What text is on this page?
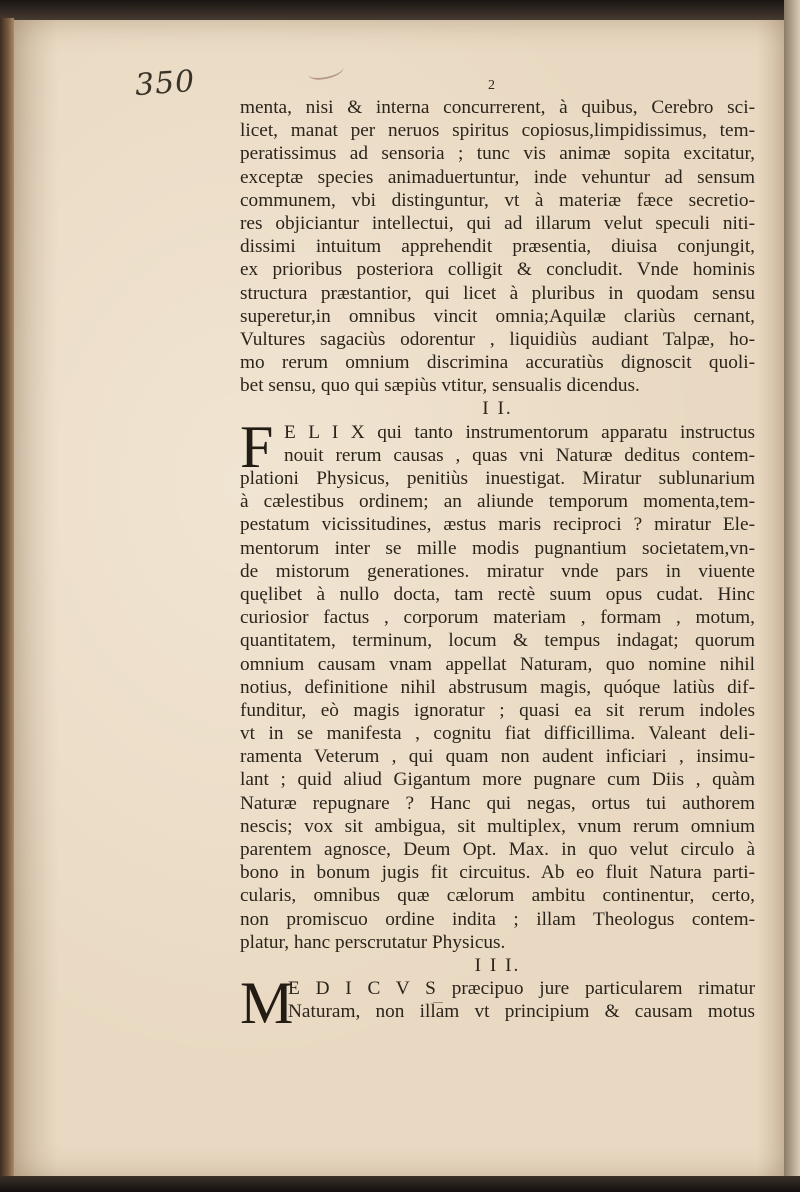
350	2
menta, nisi & interna concurrerent, à quibus, Cerebro sci-
licet, manat per neruos spiritus copiosus,limpidissimus, tem-
peratissimus ad sensoria ; tunc vis animæ sopita excitatur,
exceptæ species animaduertuntur, inde vehuntur ad sensum
communem, vbi distinguntur, vt à materiæ fæce secretio-
res objiciantur intellectui, qui ad illarum velut speculi niti-
dissimi intuitum apprehendit præsentia, diuisa conjungit,
ex prioribus posteriora colligit & concludit. Vnde hominis
structura præstantior, qui licet à pluribus in quodam sensu
superetur,in omnibus vincit omnia;Aquilæ clariùs cernant,
Vultures sagaciùs odorentur , liquidiùs audiant Talpæ, ho-
mo rerum omnium discrimina accuratiùs dignoscit quoli-
bet sensu, quo qui sæpiùs vtitur, sensualis dicendus.
I I.
F E L I X qui tanto instrumentorum apparatu instructus
nouit rerum causas , quas vni Naturæ deditus contem-
plationi Physicus, penitiùs inuestigat. Miratur sublunarium
à cælestibus ordinem; an aliunde temporum momenta,tem-
pestatum vicissitudines, æstus maris reciproci ? miratur Ele-
mentorum inter se mille modis pugnantium societatem,vn-
de mistorum generationes. miratur vnde pars in viuente
quęlibet à nullo docta, tam rectè suum opus cudat. Hinc
curiosior factus , corporum materiam , formam , motum,
quantitatem, terminum, locum & tempus indagat; quorum
omnium causam vnam appellat Naturam, quo nomine nihil
notius, definitione nihil abstrusum magis, quóque latiùs dif-
funditur, eò magis ignoratur ; quasi ea sit rerum indoles
vt in se manifesta , cognitu fiat difficillima. Valeant deli-
ramenta Veterum , qui quam non audent inficiari , insimu-
lant ; quid aliud Gigantum more pugnare cum Diis , quàm
Naturæ repugnare ? Hanc qui negas, ortus tui authorem
nescis; vox sit ambigua, sit multiplex, vnum rerum omnium
parentem agnosce, Deum Opt. Max. in quo velut circulo à
bono in bonum jugis fit circuitus. Ab eo fluit Natura parti-
cularis, omnibus quæ cælorum ambitu continentur, certo,
non promiscuo ordine indita ; illam Theologus contem-
platur, hanc perscrutatur Physicus.
I I I.
M
E D I C V S præcipuo jure particularem rimatur
Naturam, non illam vt principium & causam motus
